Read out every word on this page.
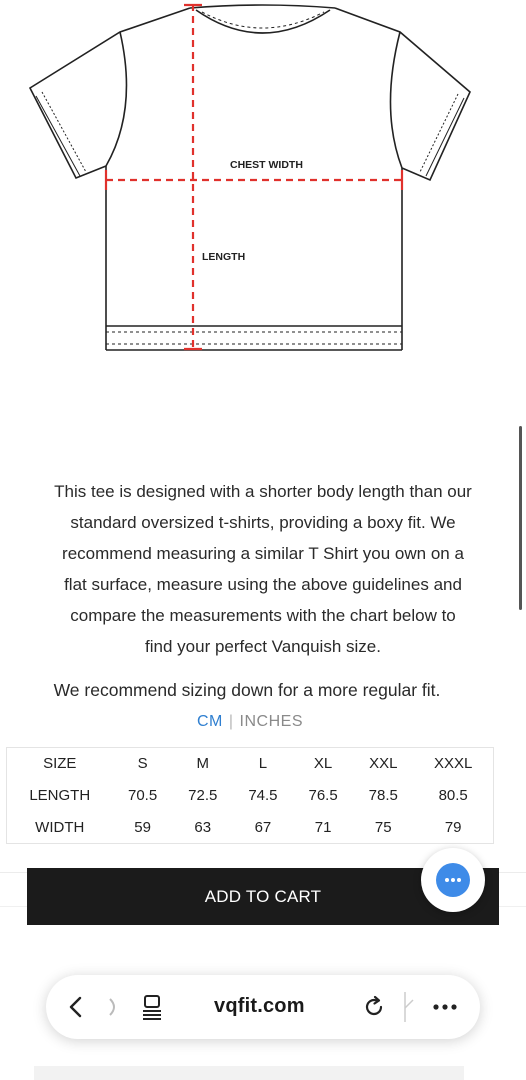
CHEST WIDTH
LENGTH
This tee is designed with a shorter body length than our
standard oversized t-shirts, providing a boxy fit. We
recommend measuring a similar T Shirt you own on a
flat surface, measure using the above guidelines and
compare the measurements with the chart below to
find your perfect Vanquish size.
We recommend sizing down for a more regular fit.
CM | INCHES
SIZE	S	M	L	XL	XXL	XXXL
LENGTH	70.5	72.5	74.5	76.5	78.5	80.5
WIDTH	59	63	67	71	75	79
ADD TO CART
vqfit.com
